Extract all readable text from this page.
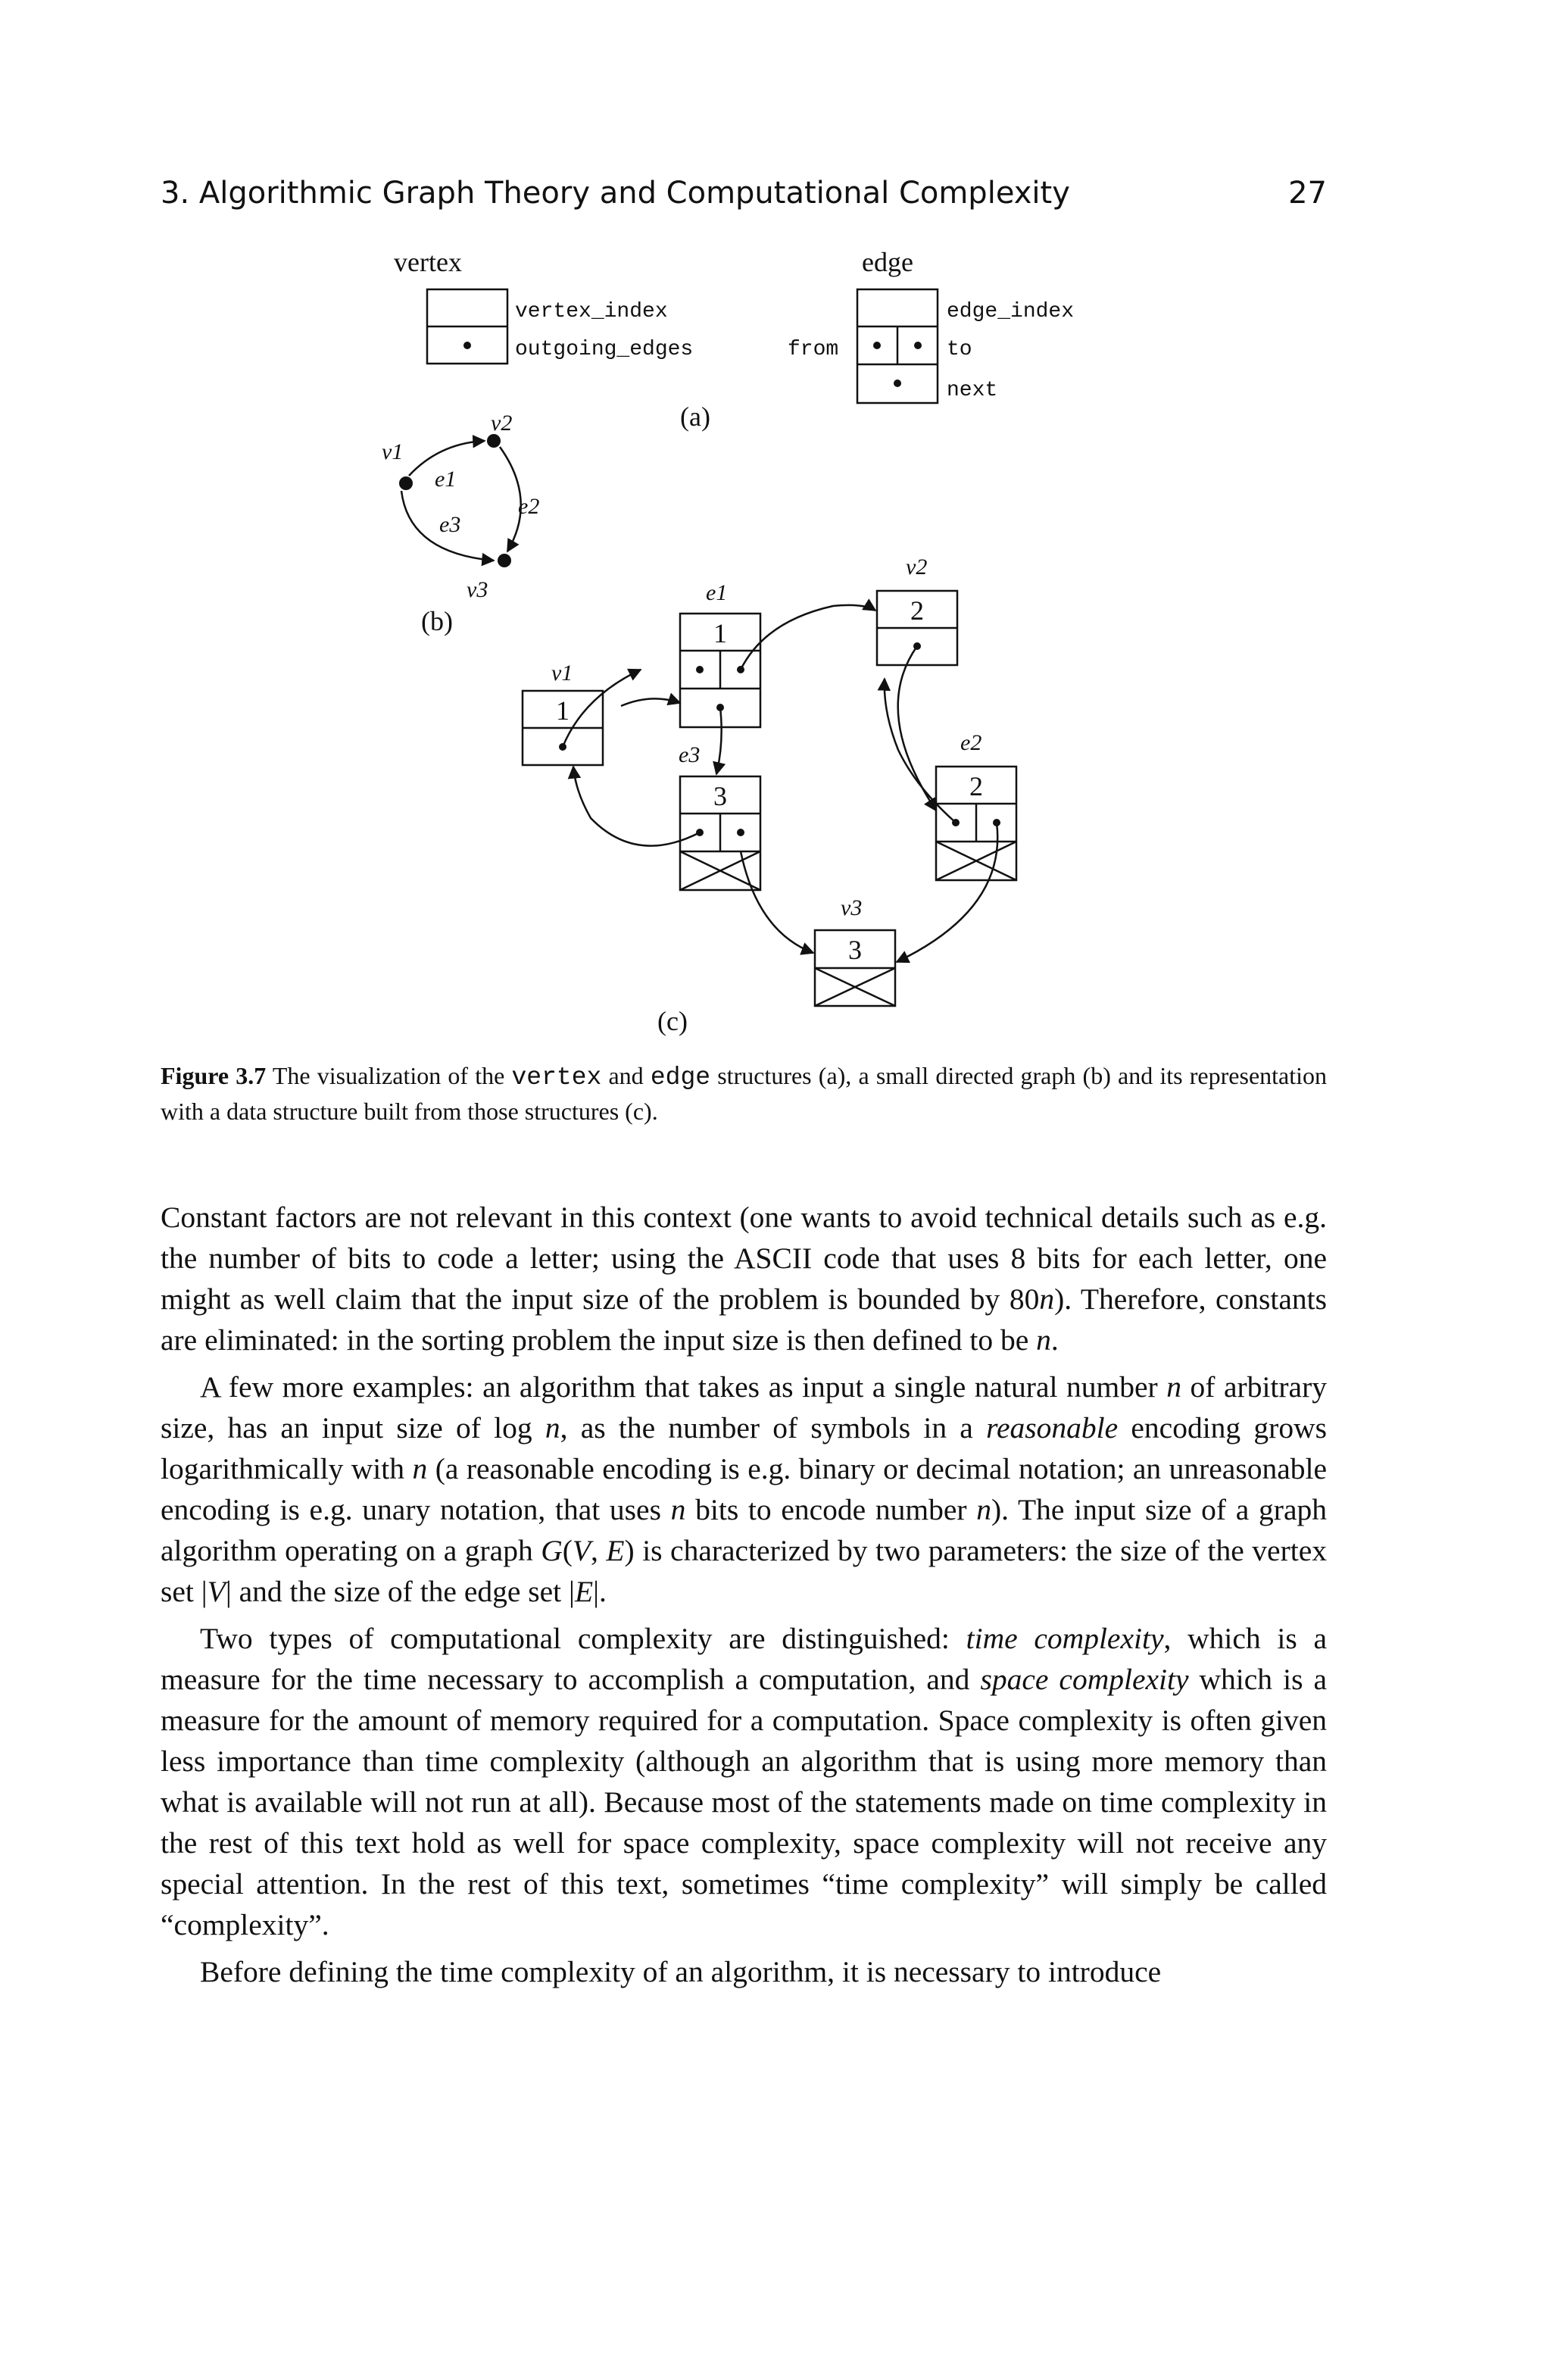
3. Algorithmic Graph Theory and Computational Complexity	27
vertex
vertex_index
outgoing_edges
edge
from
edge_index
to
next
(a)
v1
v2
v3
e1
e2
e3
(b)
1
1
3
2
2
3
v1
e1
e3
v2
e2
v3
(c)
Figure 3.7 The visualization of the vertex and edge structures (a), a small directed graph (b) and its representation with a data structure built from those structures (c).

Constant factors are not relevant in this context (one wants to avoid technical details such as e.g. the number of bits to code a letter; using the ASCII code that uses 8 bits for each letter, one might as well claim that the input size of the problem is bounded by 80n). Therefore, constants are eliminated: in the sorting problem the input size is then defined to be n.

A few more examples: an algorithm that takes as input a single natural number n of arbitrary size, has an input size of log n, as the number of symbols in a reasonable encoding grows logarithmically with n (a reasonable encoding is e.g. binary or decimal notation; an unreasonable encoding is e.g. unary notation, that uses n bits to encode number n). The input size of a graph algorithm operating on a graph G(V, E) is characterized by two parameters: the size of the vertex set |V| and the size of the edge set |E|.

Two types of computational complexity are distinguished: time complexity, which is a measure for the time necessary to accomplish a computation, and space complexity which is a measure for the amount of memory required for a computation. Space complexity is often given less importance than time complexity (although an algorithm that is using more memory than what is available will not run at all). Because most of the statements made on time complexity in the rest of this text hold as well for space complexity, space complexity will not receive any special attention. In the rest of this text, sometimes “time complexity” will simply be called “complexity”.

Before defining the time complexity of an algorithm, it is necessary to introduce
